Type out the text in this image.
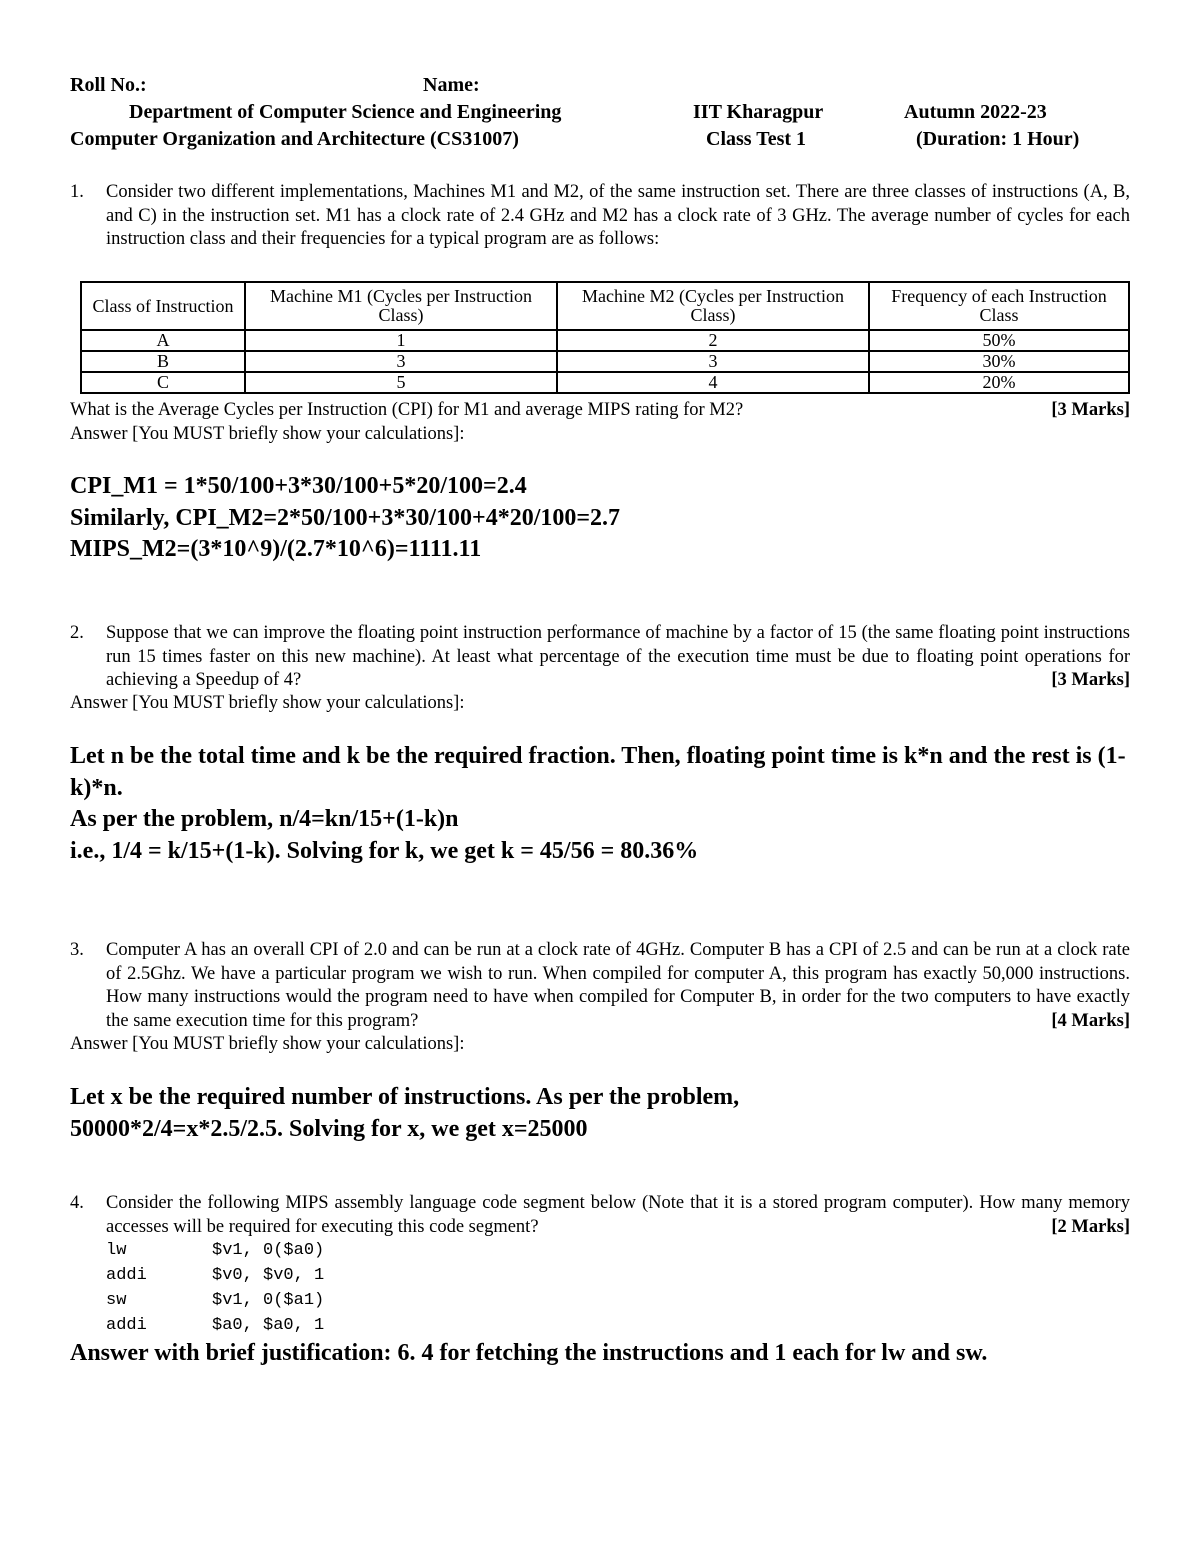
Roll No.:	Name:
Department of Computer Science and Engineering	IIT Kharagpur	Autumn 2022-23
Computer Organization and Architecture (CS31007)	Class Test 1	(Duration: 1 Hour)
1. Consider two different implementations, Machines M1 and M2, of the same instruction set. There are three classes of instructions (A, B, and C) in the instruction set. M1 has a clock rate of 2.4 GHz and M2 has a clock rate of 3 GHz. The average number of cycles for each instruction class and their frequencies for a typical program are as follows:
Class of Instruction	Machine M1 (Cycles per Instruction Class)	Machine M2 (Cycles per Instruction Class)	Frequency of each Instruction Class
A	1	2	50%
B	3	3	30%
C	5	4	20%
[3 Marks]
What is the Average Cycles per Instruction (CPI) for M1 and average MIPS rating for M2?
Answer [You MUST briefly show your calculations]:
CPI_M1 = 1*50/100+3*30/100+5*20/100=2.4
Similarly, CPI_M2=2*50/100+3*30/100+4*20/100=2.7
MIPS_M2=(3*10^9)/(2.7*10^6)=1111.11
2. Suppose that we can improve the floating point instruction performance of machine by a factor of 15 (the same floating point instructions run 15 times faster on this new machine). At least what percentage of the execution time must be due to floating point operations for achieving a Speedup of 4?	[3 Marks]
Answer [You MUST briefly show your calculations]:
Let n be the total time and k be the required fraction. Then, floating point time is k*n and the rest is (1-k)*n.
As per the problem, n/4=kn/15+(1-k)n
i.e., 1/4 = k/15+(1-k). Solving for k, we get k = 45/56 = 80.36%
3. Computer A has an overall CPI of 2.0 and can be run at a clock rate of 4GHz. Computer B has a CPI of 2.5 and can be run at a clock rate of 2.5Ghz. We have a particular program we wish to run. When compiled for computer A, this program has exactly 50,000 instructions. How many instructions would the program need to have when compiled for Computer B, in order for the two computers to have exactly the same execution time for this program?	[4 Marks]
Answer [You MUST briefly show your calculations]:
Let x be the required number of instructions. As per the problem,
50000*2/4=x*2.5/2.5. Solving for x, we get x=25000
4. Consider the following MIPS assembly language code segment below (Note that it is a stored program computer). How many memory accesses will be required for executing this code segment?	[2 Marks]
lw	$v1, 0($a0)
addi	$v0, $v0, 1
sw	$v1, 0($a1)
addi	$a0, $a0, 1
Answer with brief justification: 6. 4 for fetching the instructions and 1 each for lw and sw.
